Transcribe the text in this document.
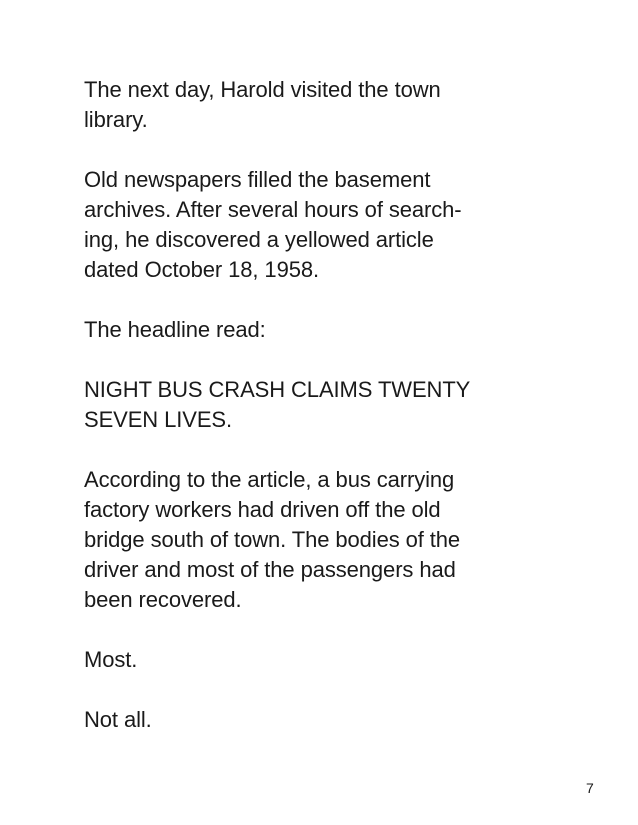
The next day, Harold visited the town
library.

Old newspapers filled the basement
archives. After several hours of search-
ing, he discovered a yellowed article
dated October 18, 1958.

The headline read:

NIGHT BUS CRASH CLAIMS TWENTY
SEVEN LIVES.

According to the article, a bus carrying
factory workers had driven off the old
bridge south of town. The bodies of the
driver and most of the passengers had
been recovered.

Most.

Not all.

7
